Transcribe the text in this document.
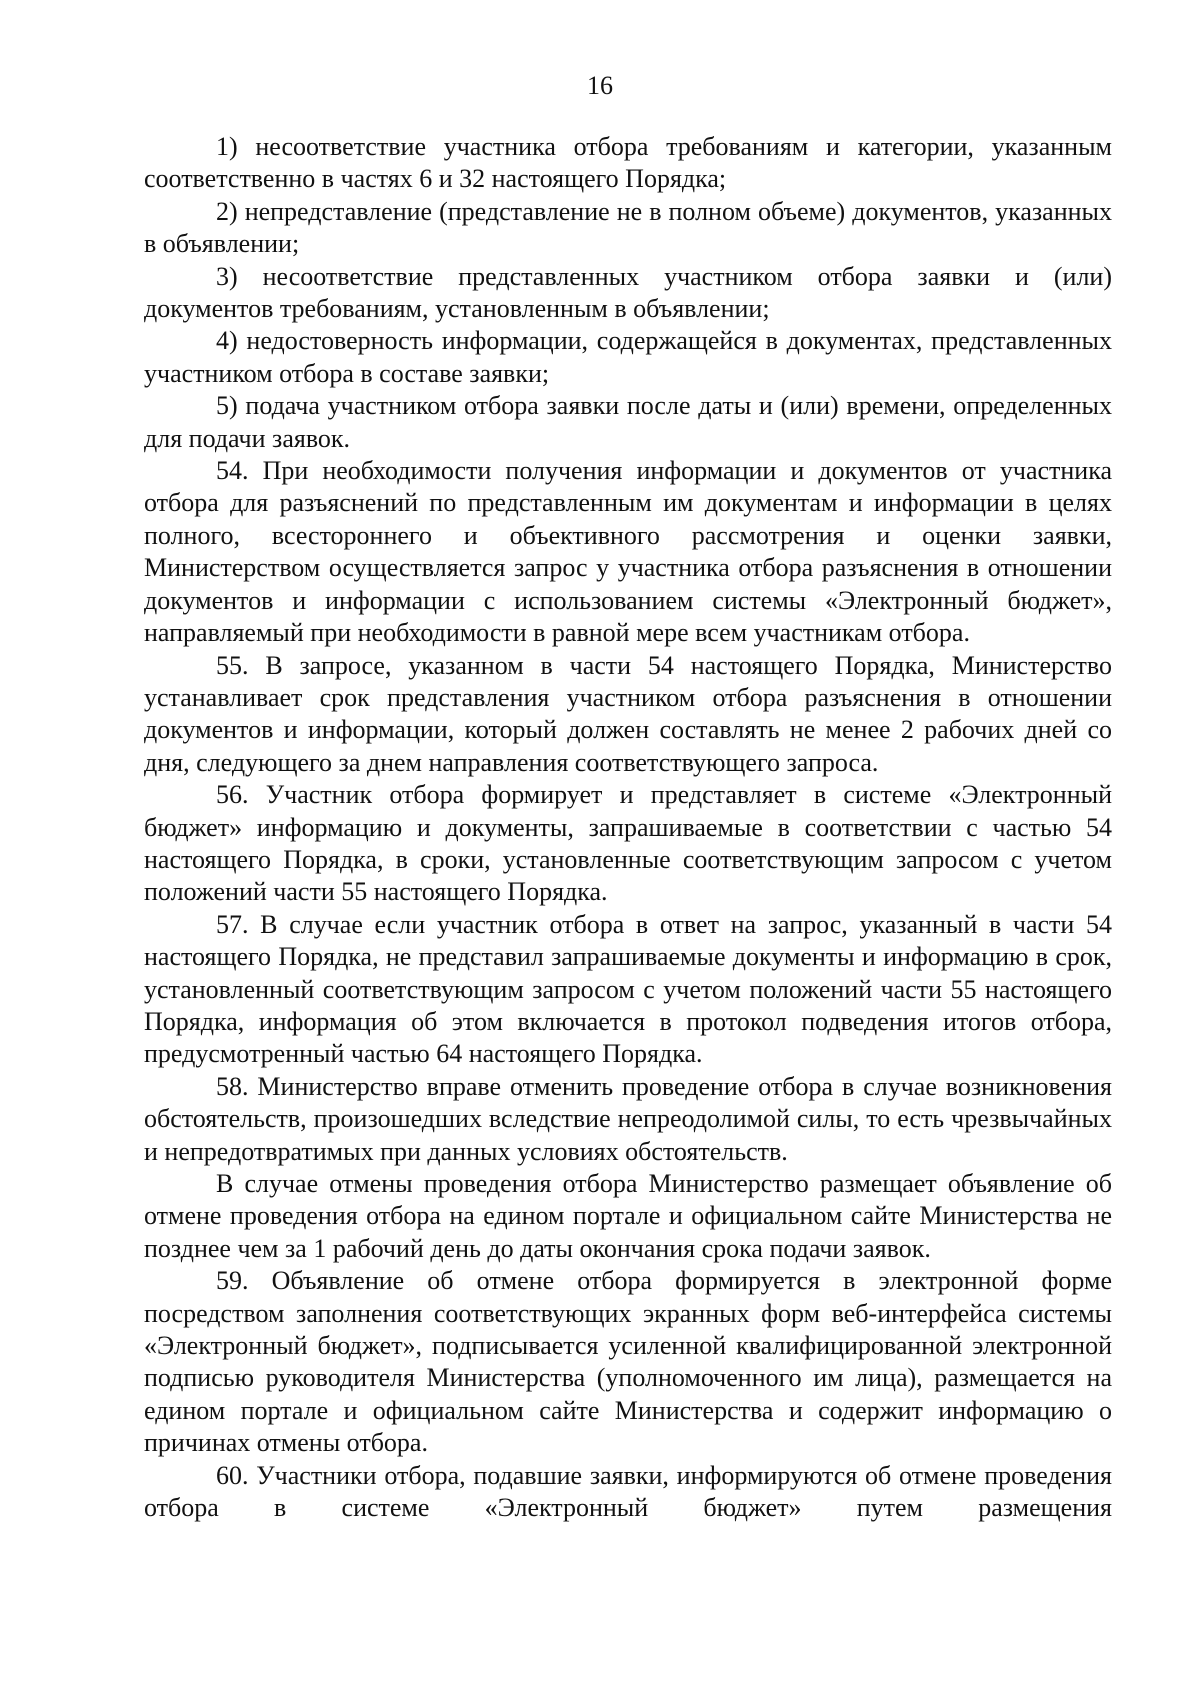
16

1) несоответствие участника отбора требованиям и категории, указанным соответственно в частях 6 и 32 настоящего Порядка;

2) непредставление (представление не в полном объеме) документов, указанных в объявлении;

3) несоответствие представленных участником отбора заявки и (или) документов требованиям, установленным в объявлении;

4) недостоверность информации, содержащейся в документах, представленных участником отбора в составе заявки;

5) подача участником отбора заявки после даты и (или) времени, определенных для подачи заявок.

54. При необходимости получения информации и документов от участника отбора для разъяснений по представленным им документам и информации в целях полного, всестороннего и объективного рассмотрения и оценки заявки, Министерством осуществляется запрос у участника отбора разъяснения в отношении документов и информации с использованием системы «Электронный бюджет», направляемый при необходимости в равной мере всем участникам отбора.

55. В запросе, указанном в части 54 настоящего Порядка, Министерство устанавливает срок представления участником отбора разъяснения в отношении документов и информации, который должен составлять не менее 2 рабочих дней со дня, следующего за днем направления соответствующего запроса.

56. Участник отбора формирует и представляет в системе «Электронный бюджет» информацию и документы, запрашиваемые в соответствии с частью 54 настоящего Порядка, в сроки, установленные соответствующим запросом с учетом положений части 55 настоящего Порядка.

57. В случае если участник отбора в ответ на запрос, указанный в части 54 настоящего Порядка, не представил запрашиваемые документы и информацию в срок, установленный соответствующим запросом с учетом положений части 55 настоящего Порядка, информация об этом включается в протокол подведения итогов отбора, предусмотренный частью 64 настоящего Порядка.

58. Министерство вправе отменить проведение отбора в случае возникновения обстоятельств, произошедших вследствие непреодолимой силы, то есть чрезвычайных и непредотвратимых при данных условиях обстоятельств.

В случае отмены проведения отбора Министерство размещает объявление об отмене проведения отбора на едином портале и официальном сайте Министерства не позднее чем за 1 рабочий день до даты окончания срока подачи заявок.

59. Объявление об отмене отбора формируется в электронной форме посредством заполнения соответствующих экранных форм веб-интерфейса системы «Электронный бюджет», подписывается усиленной квалифицированной электронной подписью руководителя Министерства (уполномоченного им лица), размещается на едином портале и официальном сайте Министерства и содержит информацию о причинах отмены отбора.

60. Участники отбора, подавшие заявки, информируются об отмене проведения отбора в системе «Электронный бюджет» путем размещения
